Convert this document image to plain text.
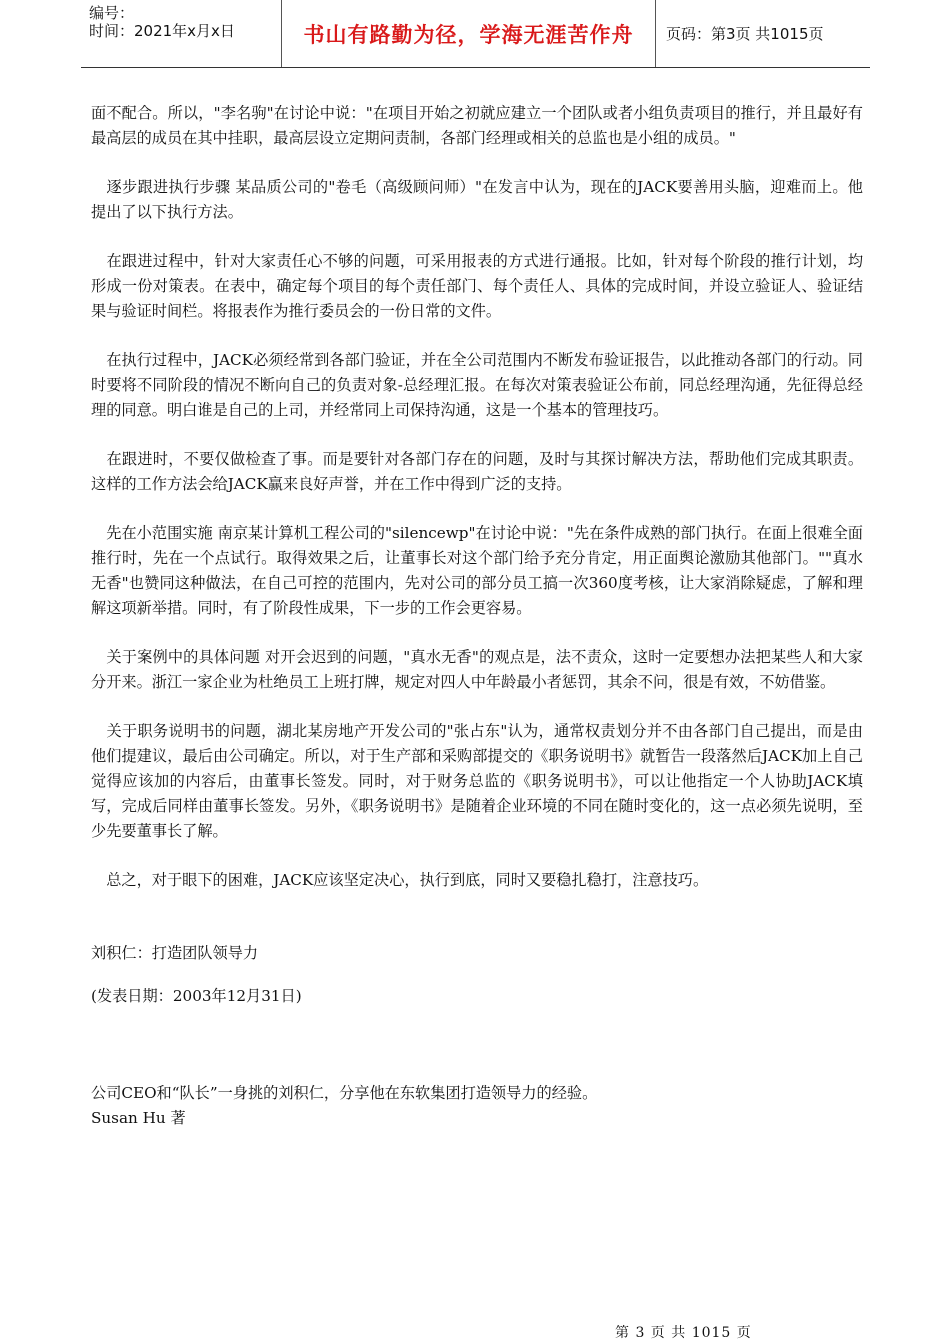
编号：
时间：2021年x月x日	书山有路勤为径，学海无涯苦作舟 页码：第3页 共1015页

面不配合。所以，"李名驹"在讨论中说："在项目开始之初就应建立一个团队或者小组负责项目的推行，并且最好有最高层的成员在其中挂职，最高层设立定期问责制，各部门经理或相关的总监也是小组的成员。"

　逐步跟进执行步骤 某品质公司的"卷毛（高级顾问师）"在发言中认为，现在的JACK要善用头脑，迎难而上。他提出了以下执行方法。

　在跟进过程中，针对大家责任心不够的问题，可采用报表的方式进行通报。比如，针对每个阶段的推行计划，均形成一份对策表。在表中，确定每个项目的每个责任部门、每个责任人、具体的完成时间，并设立验证人、验证结果与验证时间栏。将报表作为推行委员会的一份日常的文件。

　在执行过程中，JACK必须经常到各部门验证，并在全公司范围内不断发布验证报告，以此推动各部门的行动。同时要将不同阶段的情况不断向自己的负责对象-总经理汇报。在每次对策表验证公布前，同总经理沟通，先征得总经理的同意。明白谁是自己的上司，并经常同上司保持沟通，这是一个基本的管理技巧。

　在跟进时，不要仅做检查了事。而是要针对各部门存在的问题，及时与其探讨解决方法，帮助他们完成其职责。这样的工作方法会给JACK赢来良好声誉，并在工作中得到广泛的支持。

　先在小范围实施 南京某计算机工程公司的"silencewp"在讨论中说："先在条件成熟的部门执行。在面上很难全面推行时，先在一个点试行。取得效果之后，让董事长对这个部门给予充分肯定，用正面舆论激励其他部门。""真水无香"也赞同这种做法，在自己可控的范围内，先对公司的部分员工搞一次360度考核，让大家消除疑虑，了解和理解这项新举措。同时，有了阶段性成果，下一步的工作会更容易。

　关于案例中的具体问题 对开会迟到的问题，"真水无香"的观点是，法不责众，这时一定要想办法把某些人和大家分开来。浙江一家企业为杜绝员工上班打牌，规定对四人中年龄最小者惩罚，其余不问，很是有效，不妨借鉴。

　关于职务说明书的问题，湖北某房地产开发公司的"张占东"认为，通常权责划分并不由各部门自己提出，而是由他们提建议，最后由公司确定。所以，对于生产部和采购部提交的《职务说明书》就暂告一段落然后JACK加上自己觉得应该加的内容后，由董事长签发。同时，对于财务总监的《职务说明书》，可以让他指定一个人协助JACK填写，完成后同样由董事长签发。另外，《职务说明书》是随着企业环境的不同在随时变化的，这一点必须先说明，至少先要董事长了解。

　总之，对于眼下的困难，JACK应该坚定决心，执行到底，同时又要稳扎稳打，注意技巧。

刘积仁：打造团队领导力

(发表日期：2003年12月31日)

公司CEO和“队长”一身挑的刘积仁，分享他在东软集团打造领导力的经验。

Susan Hu 著

第 3 页 共 1015 页
